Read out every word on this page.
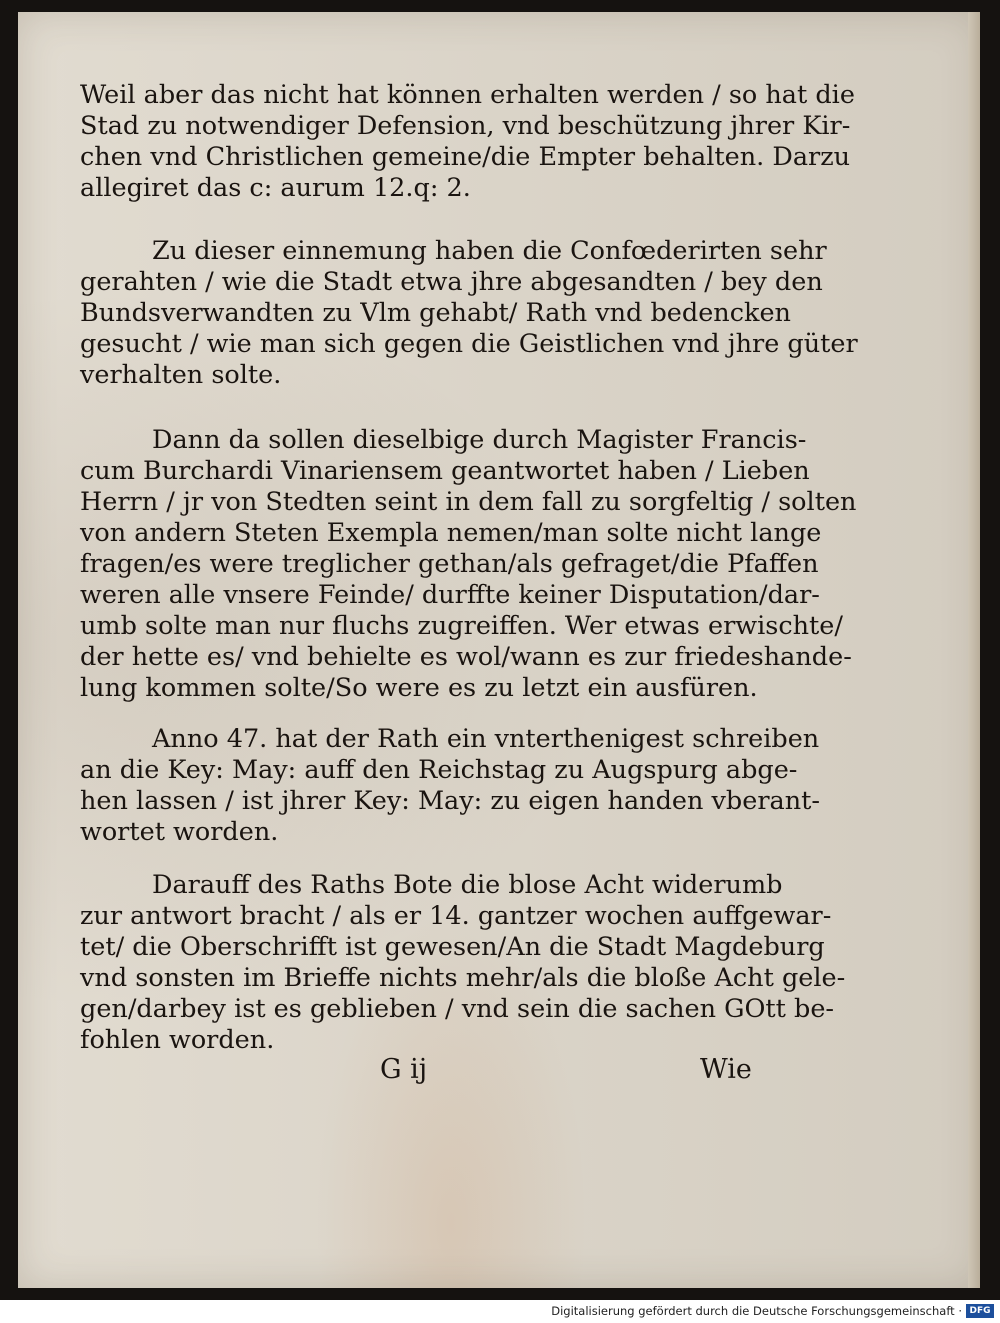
Weil aber das nicht hat können erhalten werden / so hat die
Stad zu notwendiger Defension, vnd beschützung jhrer Kir-
chen vnd Christlichen gemeine/die Empter behalten. Darzu
allegiret das c: aurum 12.q: 2.
Zu dieser einnemung haben die Confœderirten sehr
gerahten / wie die Stadt etwa jhre abgesandten / bey den
Bundsverwandten zu Vlm gehabt/ Rath vnd bedencken
gesucht / wie man sich gegen die Geistlichen vnd jhre güter
verhalten solte.
Dann da sollen dieselbige durch Magister Francis-
cum Burchardi Vinariensem geantwortet haben / Lieben
Herrn / jr von Stedten seint in dem fall zu sorgfeltig / solten
von andern Steten Exempla nemen/man solte nicht lange
fragen/es were treglicher gethan/als gefraget/die Pfaffen
weren alle vnsere Feinde/ durffte keiner Disputation/dar-
umb solte man nur fluchs zugreiffen. Wer etwas erwischte/
der hette es/ vnd behielte es wol/wann es zur friedeshande-
lung kommen solte/So were es zu letzt ein ausfüren.
Anno 47. hat der Rath ein vnterthenigest schreiben
an die Key: May: auff den Reichstag zu Augspurg abge-
hen lassen / ist jhrer Key: May: zu eigen handen vberant-
wortet worden.
Darauff des Raths Bote die blose Acht widerumb
zur antwort bracht / als er 14. gantzer wochen auffgewar-
tet/ die Oberschrifft ist gewesen/An die Stadt Magdeburg
vnd sonsten im Brieffe nichts mehr/als die bloße Acht gele-
gen/darbey ist es geblieben / vnd sein die sachen GOtt be-
fohlen worden.
G ij	Wie
Digitalisierung gefördert durch die Deutsche Forschungsgemeinschaft · DFG
